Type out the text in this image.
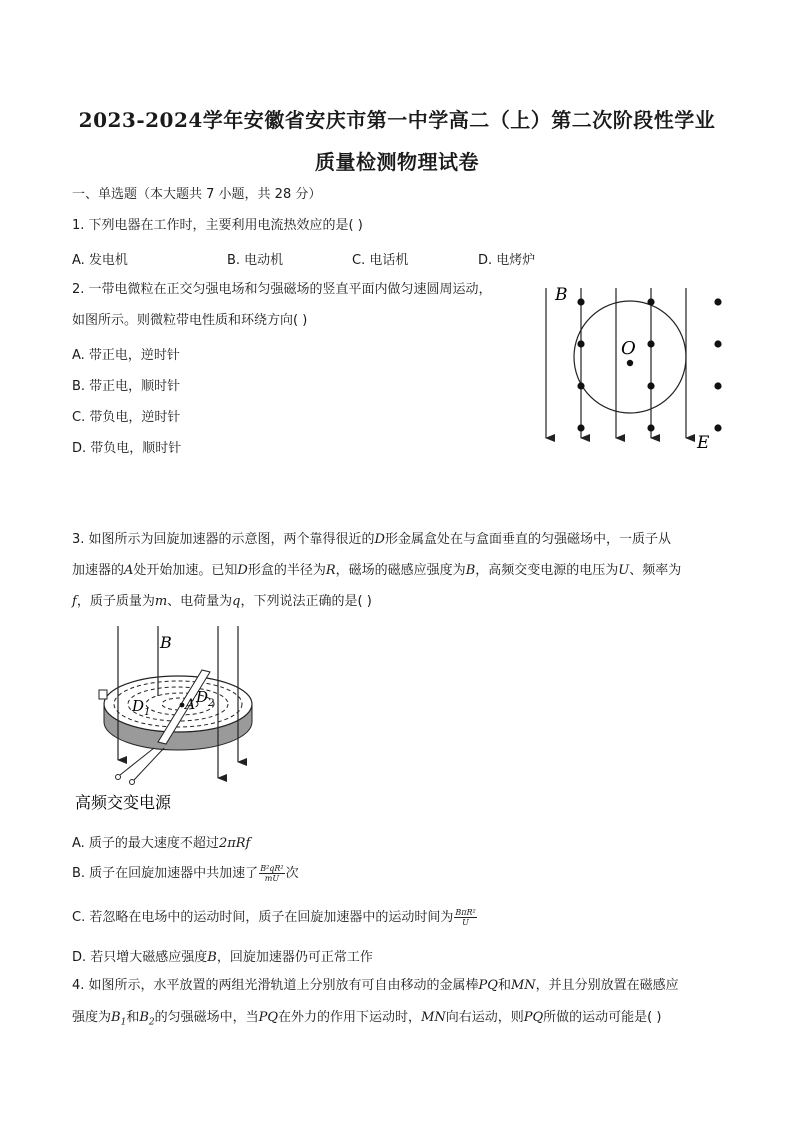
2023-2024学年安徽省安庆市第一中学高二（上）第二次阶段性学业
质量检测物理试卷
一、单选题（本大题共 7 小题，共 28 分）
1. 下列电器在工作时，主要利用电流热效应的是( )
A. 发电机	B. 电动机	C. 电话机	D. 电烤炉
2. 一带电微粒在正交匀强电场和匀强磁场的竖直平面内做匀速圆周运动，
如图所示。则微粒带电性质和环绕方向( )
A. 带正电，逆时针
B. 带正电，顺时针
C. 带负电，逆时针
D. 带负电，顺时针
B
O
E
3. 如图所示为回旋加速器的示意图，两个靠得很近的D形金属盒处在与盒面垂直的匀强磁场中，一质子从
加速器的A处开始加速。已知D形盒的半径为R，磁场的磁感应强度为B，高频交变电源的电压为U、频率为
f，质子质量为m、电荷量为q，下列说法正确的是( )
B
$D_1$ A $D_2$
高频交变电源
A. 质子的最大速度不超过2πRf
B. 质子在回旋加速器中共加速了 $\frac{\text{B²qR²}}{mU}$ 次
C. 若忽略在电场中的运动时间，质子在回旋加速器中的运动时间为 $\frac{\text{BπR²}}{U}$
D. 若只增大磁感应强度B，回旋加速器仍可正常工作
4. 如图所示，水平放置的两组光滑轨道上分别放有可自由移动的金属棒PQ和MN，并且分别放置在磁感应
强度为$B_1$和$B_2$的匀强磁场中，当PQ在外力的作用下运动时，MN向右运动，则PQ所做的运动可能是( )
